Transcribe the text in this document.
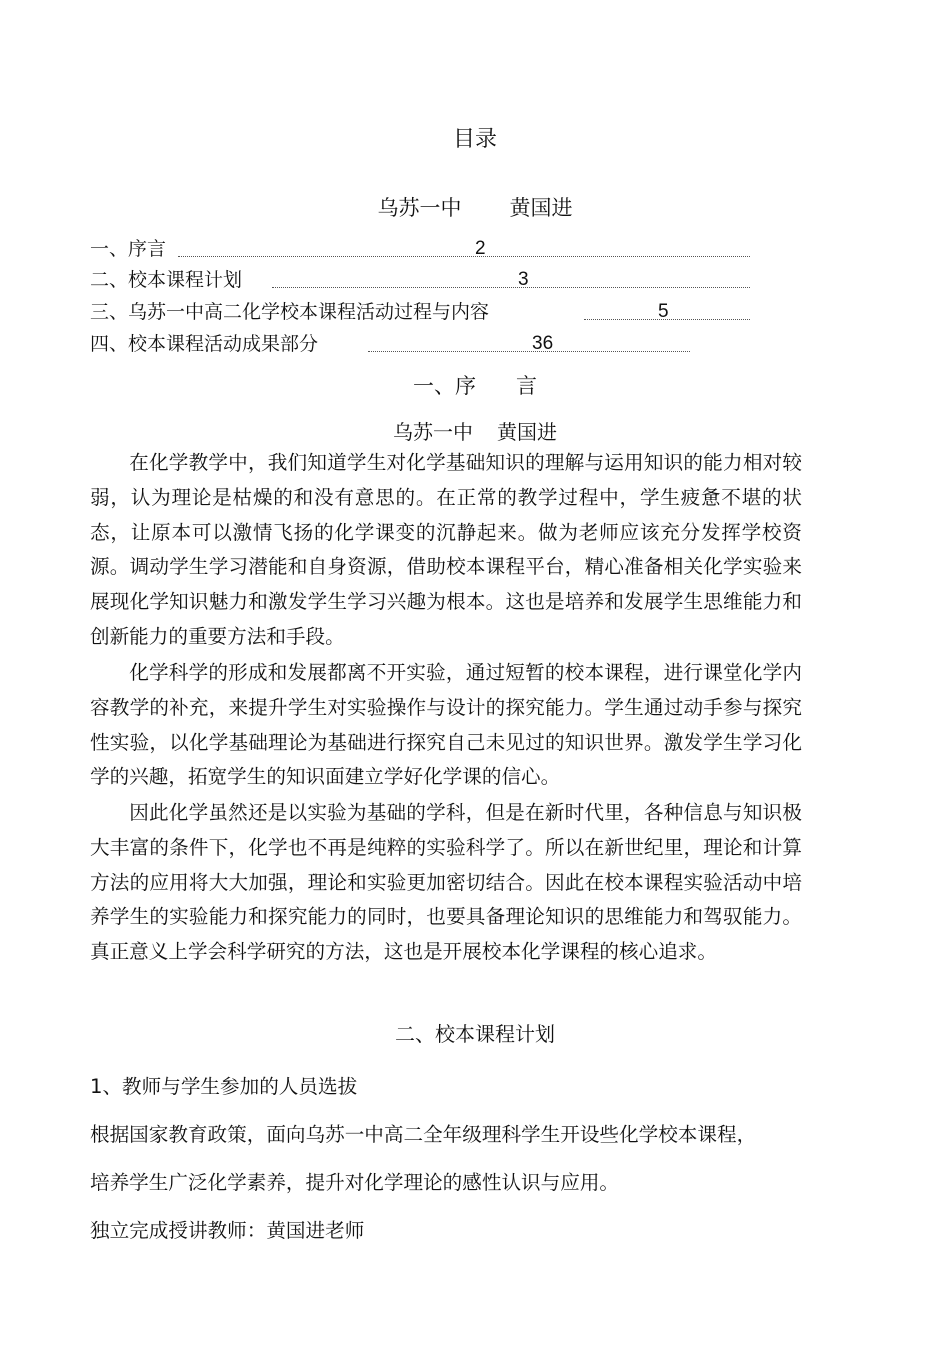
目录
乌苏一中 黄国进
一、序言	2
二、校本课程计划	3
三、乌苏一中高二化学校本课程活动过程与内容	5
四、校本课程活动成果部分	36
一、序 言
乌苏一中 黄国进

在化学教学中，我们知道学生对化学基础知识的理解与运用知识的能力相对较弱，认为理论是枯燥的和没有意思的。在正常的教学过程中，学生疲惫不堪的状态，让原本可以激情飞扬的化学课变的沉静起来。做为老师应该充分发挥学校资源。调动学生学习潜能和自身资源，借助校本课程平台，精心准备相关化学实验来展现化学知识魅力和激发学生学习兴趣为根本。这也是培养和发展学生思维能力和创新能力的重要方法和手段。

化学科学的形成和发展都离不开实验，通过短暂的校本课程，进行课堂化学内容教学的补充，来提升学生对实验操作与设计的探究能力。学生通过动手参与探究性实验，以化学基础理论为基础进行探究自己未见过的知识世界。激发学生学习化学的兴趣，拓宽学生的知识面建立学好化学课的信心。

因此化学虽然还是以实验为基础的学科，但是在新时代里，各种信息与知识极大丰富的条件下，化学也不再是纯粹的实验科学了。所以在新世纪里，理论和计算方法的应用将大大加强，理论和实验更加密切结合。因此在校本课程实验活动中培养学生的实验能力和探究能力的同时，也要具备理论知识的思维能力和驾驭能力。真正意义上学会科学研究的方法，这也是开展校本化学课程的核心追求。

二、校本课程计划
1、教师与学生参加的人员选拔
根据国家教育政策，面向乌苏一中高二全年级理科学生开设些化学校本课程，
培养学生广泛化学素养，提升对化学理论的感性认识与应用。
独立完成授讲教师：黄国进老师
